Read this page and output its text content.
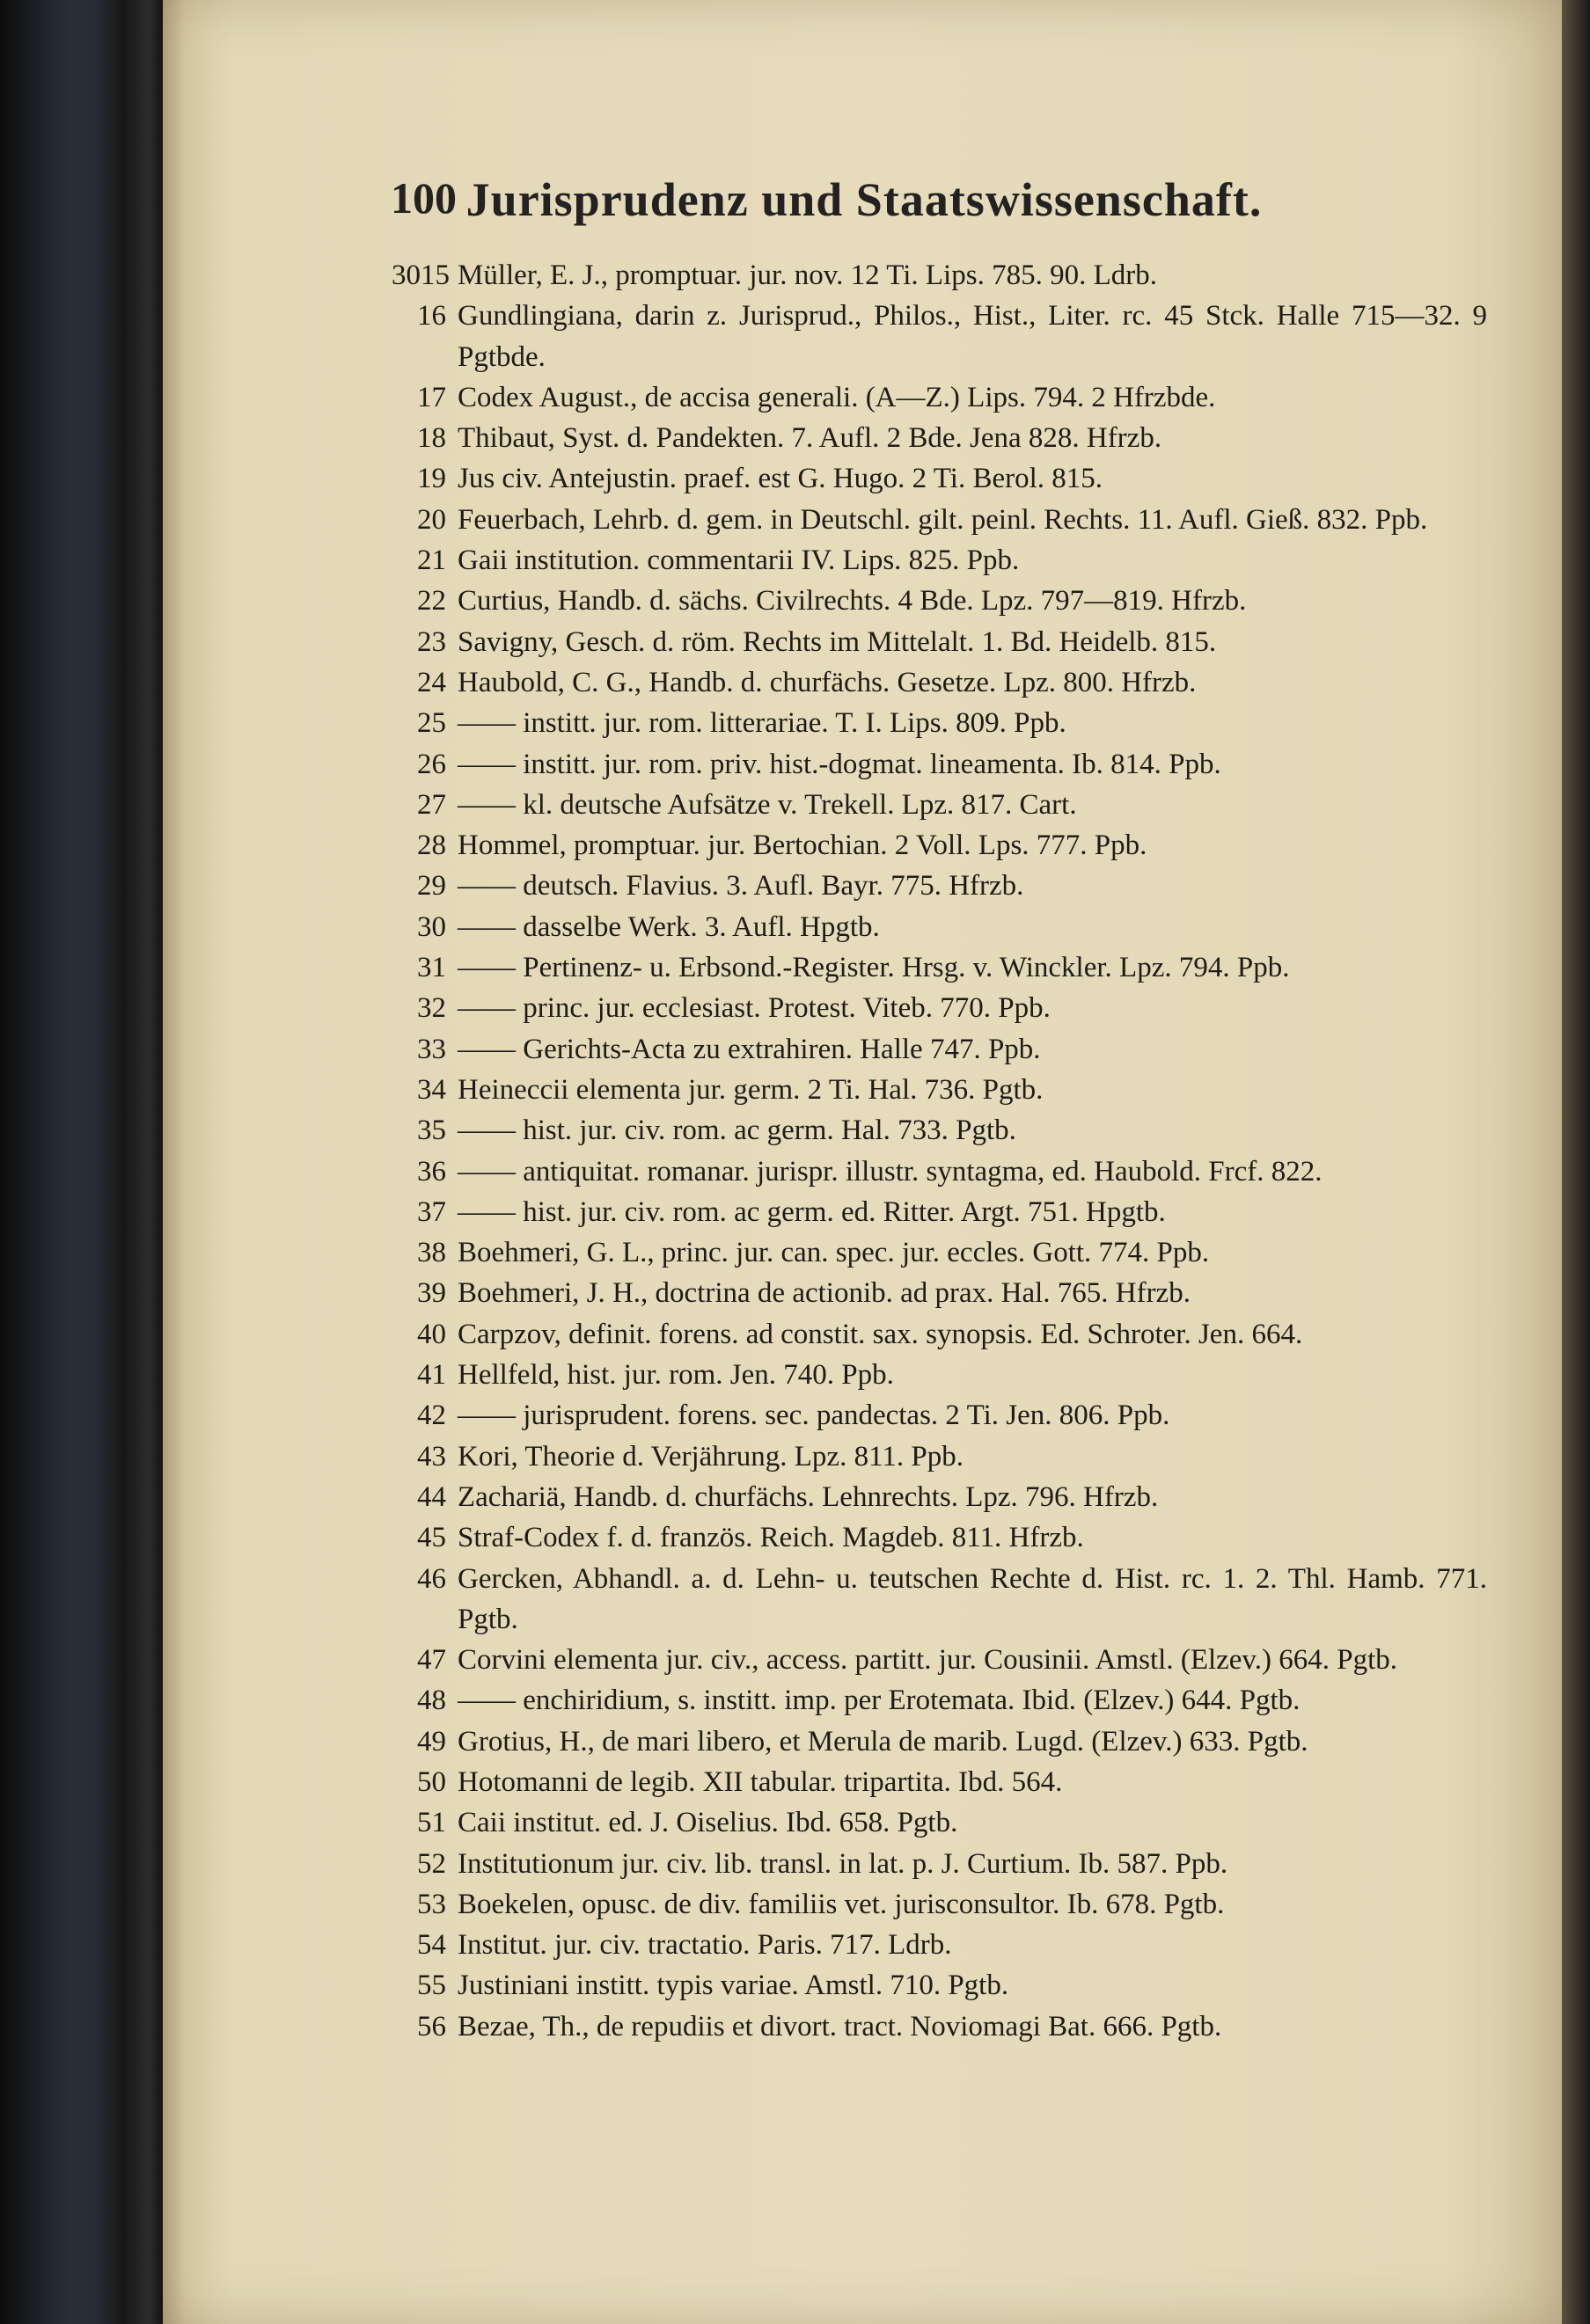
100 Jurisprudenz und Staatswissenschaft.
3015 Müller, E. J., promptuar. jur. nov. 12 Ti. Lips. 785. 90. Ldrb.
16 Gundlingiana, darin z. Jurisprud., Philos., Hist., Liter. rc. 45 Stck. Halle 715—32. 9 Pgtbde.
17 Codex August., de accisa generali. (A—Z.) Lips. 794. 2 Hfrzbde.
18 Thibaut, Syst. d. Pandekten. 7. Aufl. 2 Bde. Jena 828. Hfrzb.
19 Jus civ. Antejustin. praef. est G. Hugo. 2 Ti. Berol. 815.
20 Feuerbach, Lehrb. d. gem. in Deutschl. gilt. peinl. Rechts. 11. Aufl. Gieß. 832. Ppb.
21 Gaii institution. commentarii IV. Lips. 825. Ppb.
22 Curtius, Handb. d. sächs. Civilrechts. 4 Bde. Lpz. 797—819. Hfrzb.
23 Savigny, Gesch. d. röm. Rechts im Mittelalt. 1. Bd. Heidelb. 815.
24 Haubold, C. G., Handb. d. churfächs. Gesetze. Lpz. 800. Hfrzb.
25 —— institt. jur. rom. litterariae. T. I. Lips. 809. Ppb.
26 —— institt. jur. rom. priv. hist.-dogmat. lineamenta. Ib. 814. Ppb.
27 —— kl. deutsche Aufsätze v. Trekell. Lpz. 817. Cart.
28 Hommel, promptuar. jur. Bertochian. 2 Voll. Lps. 777. Ppb.
29 —— deutsch. Flavius. 3. Aufl. Bayr. 775. Hfrzb.
30 —— dasselbe Werk. 3. Aufl. Hpgtb.
31 —— Pertinenz- u. Erbsond.-Register. Hrsg. v. Winckler. Lpz. 794. Ppb.
32 —— princ. jur. ecclesiast. Protest. Viteb. 770. Ppb.
33 —— Gerichts-Acta zu extrahiren. Halle 747. Ppb.
34 Heineccii elementa jur. germ. 2 Ti. Hal. 736. Pgtb.
35 —— hist. jur. civ. rom. ac germ. Hal. 733. Pgtb.
36 —— antiquitat. romanar. jurispr. illustr. syntagma, ed. Haubold. Frcf. 822.
37 —— hist. jur. civ. rom. ac germ. ed. Ritter. Argt. 751. Hpgtb.
38 Boehmeri, G. L., princ. jur. can. spec. jur. eccles. Gott. 774. Ppb.
39 Boehmeri, J. H., doctrina de actionib. ad prax. Hal. 765. Hfrzb.
40 Carpzov, definit. forens. ad constit. sax. synopsis. Ed. Schroter. Jen. 664.
41 Hellfeld, hist. jur. rom. Jen. 740. Ppb.
42 —— jurisprudent. forens. sec. pandectas. 2 Ti. Jen. 806. Ppb.
43 Kori, Theorie d. Verjährung. Lpz. 811. Ppb.
44 Zachariä, Handb. d. churfächs. Lehnrechts. Lpz. 796. Hfrzb.
45 Straf-Codex f. d. französ. Reich. Magdeb. 811. Hfrzb.
46 Gercken, Abhandl. a. d. Lehn- u. teutschen Rechte d. Hist. rc. 1. 2. Thl. Hamb. 771. Pgtb.
47 Corvini elementa jur. civ., access. partitt. jur. Cousinii. Amstl. (Elzev.) 664. Pgtb.
48 —— enchiridium, s. institt. imp. per Erotemata. Ibid. (Elzev.) 644. Pgtb.
49 Grotius, H., de mari libero, et Merula de marib. Lugd. (Elzev.) 633. Pgtb.
50 Hotomanni de legib. XII tabular. tripartita. Ibd. 564.
51 Caii institut. ed. J. Oiselius. Ibd. 658. Pgtb.
52 Institutionum jur. civ. lib. transl. in lat. p. J. Curtium. Ib. 587. Ppb.
53 Boekelen, opusc. de div. familiis vet. jurisconsultor. Ib. 678. Pgtb.
54 Institut. jur. civ. tractatio. Paris. 717. Ldrb.
55 Justiniani institt. typis variae. Amstl. 710. Pgtb.
56 Bezae, Th., de repudiis et divort. tract. Noviomagi Bat. 666. Pgtb.
